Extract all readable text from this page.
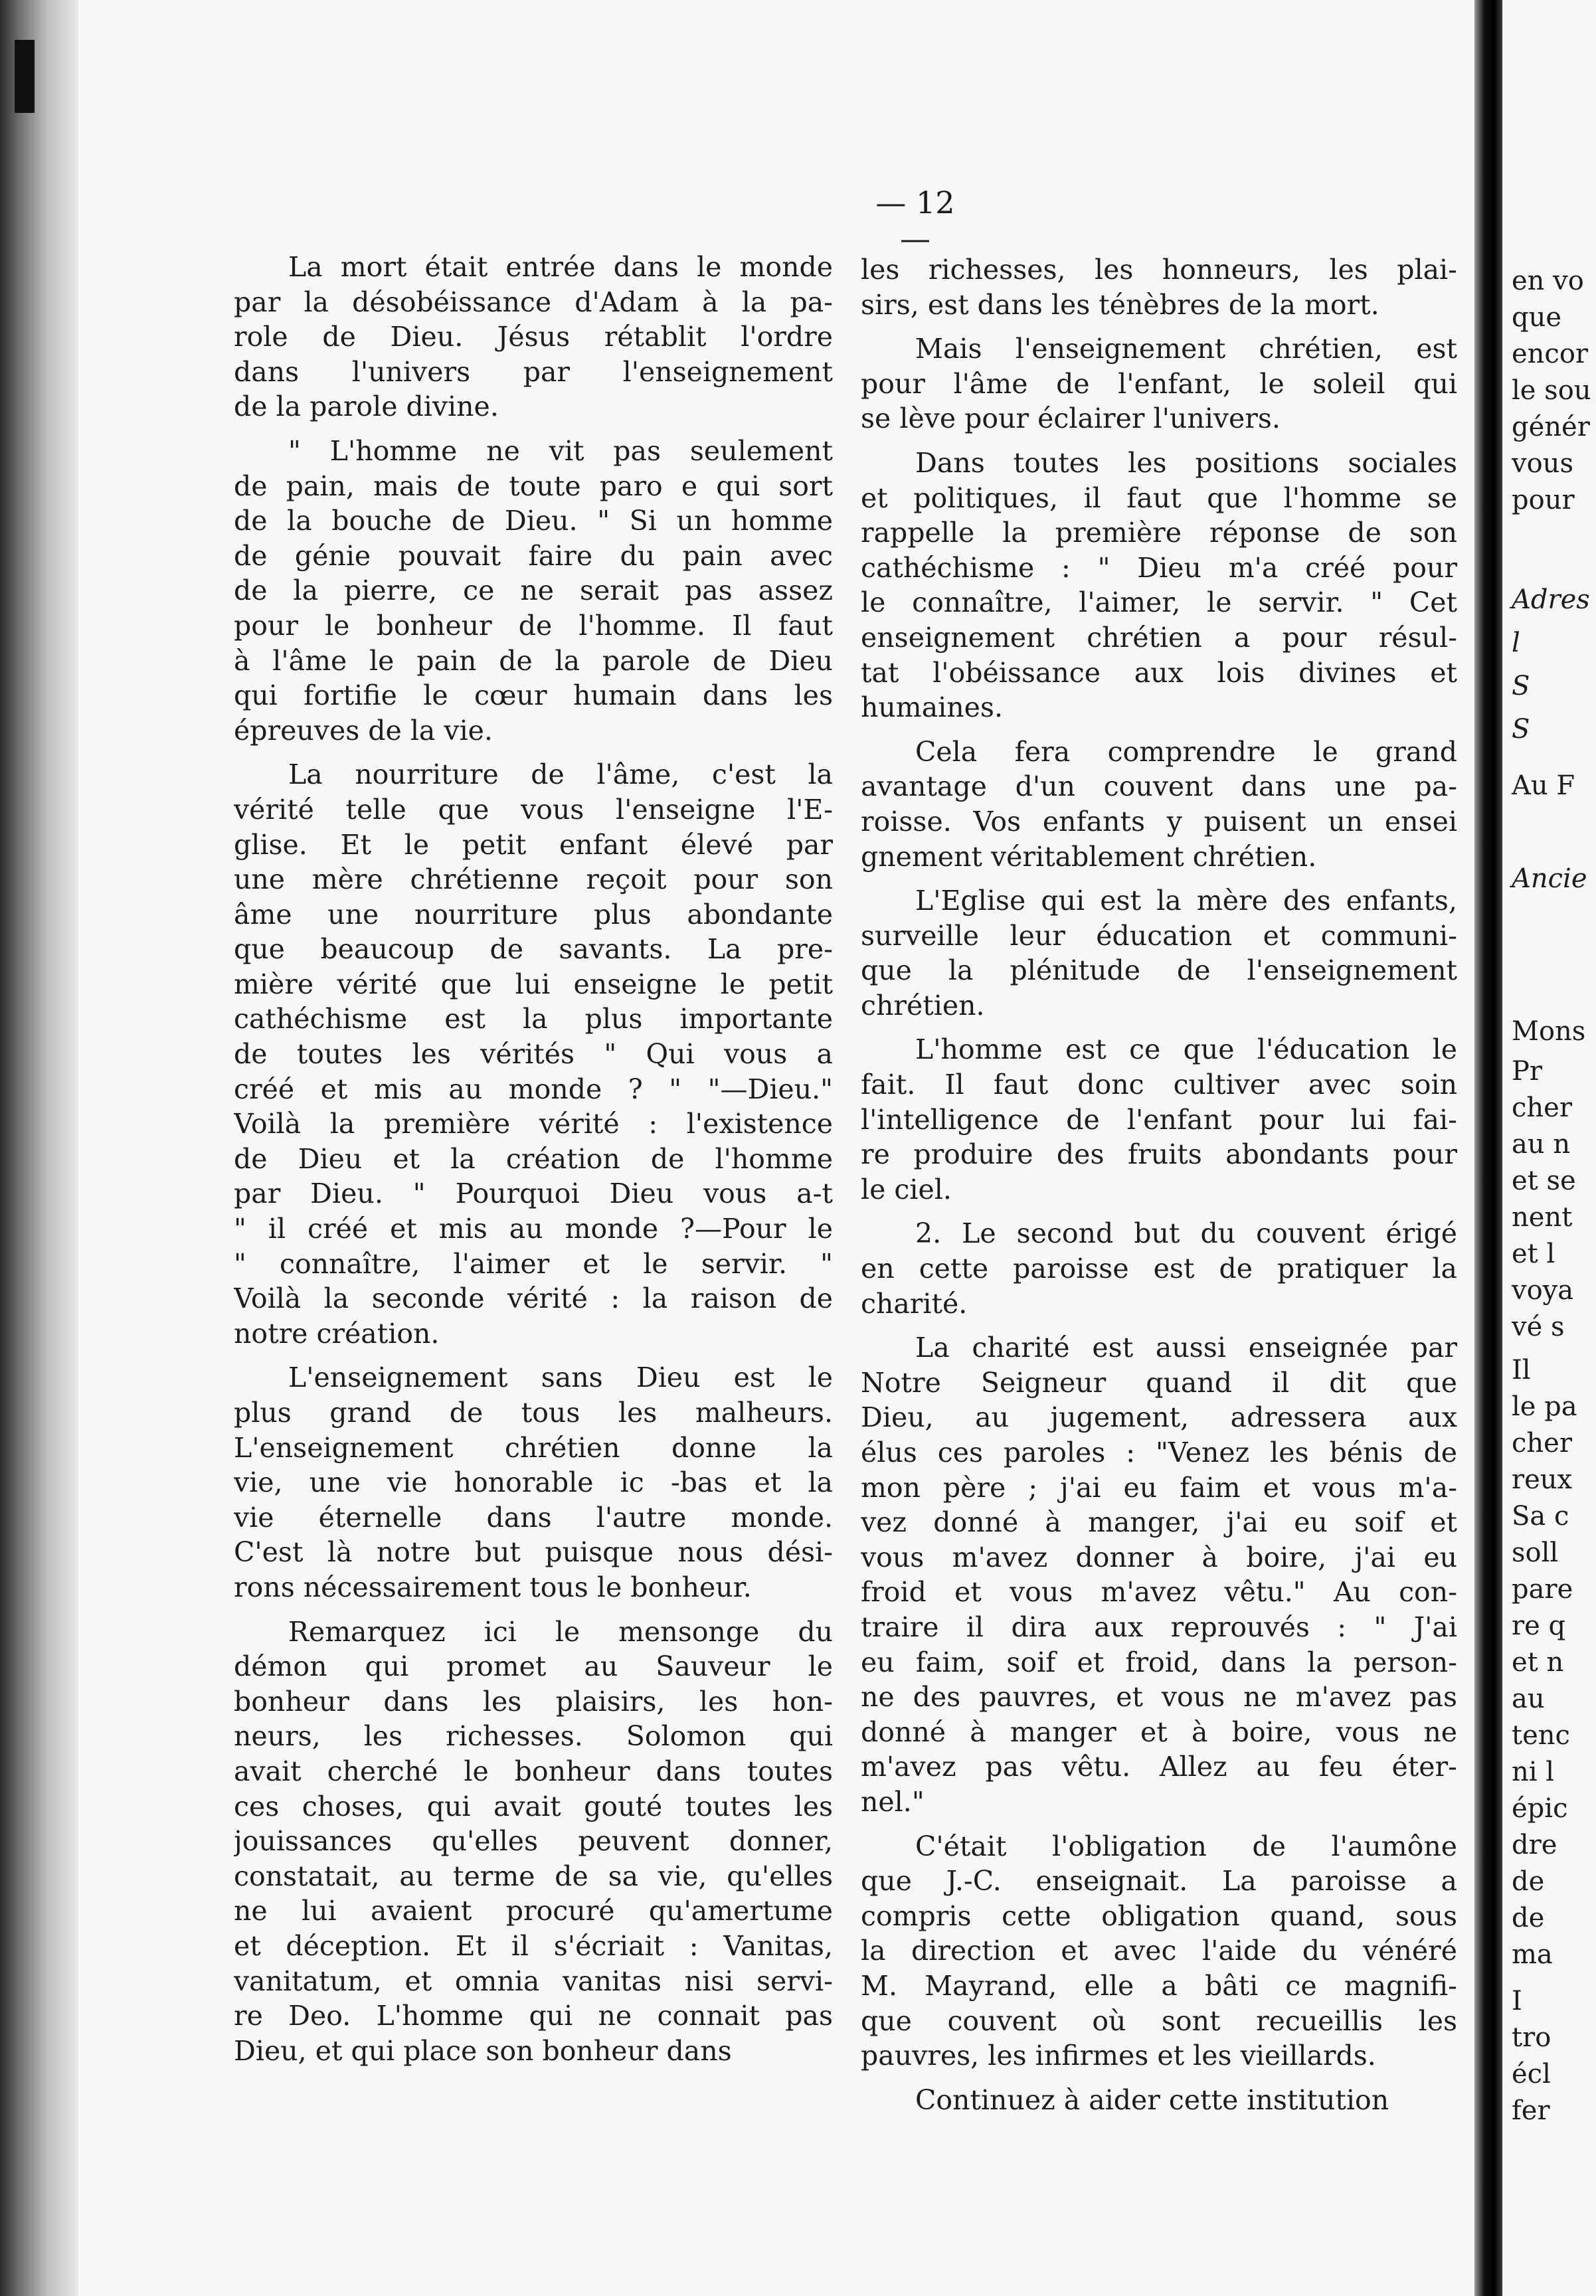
— 12 —

  La mort était entrée dans le monde
par la désobéissance d'Adam à la pa-
role de Dieu. Jésus rétablit l'ordre
dans l'univers par l'enseignement
de la parole divine.

  " L'homme ne vit pas seulement
de pain, mais de toute paro e qui sort
de la bouche de Dieu. " Si un homme
de génie pouvait faire du pain avec
de la pierre, ce ne serait pas assez
pour le bonheur de l'homme. Il faut
à l'âme le pain de la parole de Dieu
qui fortifie le cœur humain dans les
épreuves de la vie.

  La nourriture de l'âme, c'est la
vérité telle que vous l'enseigne l'E-
glise. Et le petit enfant élevé par
une mère chrétienne reçoit pour son
âme une nourriture plus abondante
que beaucoup de savants. La pre-
mière vérité que lui enseigne le petit
cathéchisme est la plus importante
de toutes les vérités " Qui vous a
créé et mis au monde ? " "—Dieu."
Voilà la première vérité : l'existence
de Dieu et la création de l'homme
par Dieu. " Pourquoi Dieu vous a-t
" il créé et mis au monde ?—Pour le
" connaître, l'aimer et le servir. "
Voilà la seconde vérité : la raison de
notre création.

  L'enseignement sans Dieu est le
plus grand de tous les malheurs.
L'enseignement chrétien donne la
vie, une vie honorable ic -bas et la
vie éternelle dans l'autre monde.
C'est là notre but puisque nous dési-
rons nécessairement tous le bonheur.

  Remarquez ici le mensonge du
démon qui promet au Sauveur le
bonheur dans les plaisirs, les hon-
neurs, les richesses. Solomon qui
avait cherché le bonheur dans toutes
ces choses, qui avait gouté toutes les
jouissances qu'elles peuvent donner,
constatait, au terme de sa vie, qu'elles
ne lui avaient procuré qu'amertume
et déception. Et il s'écriait : Vanitas,
vanitatum, et omnia vanitas nisi servi-
re Deo. L'homme qui ne connait pas
Dieu, et qui place son bonheur dans

les richesses, les honneurs, les plai-
sirs, est dans les ténèbres de la mort.

  Mais l'enseignement chrétien, est
pour l'âme de l'enfant, le soleil qui
se lève pour éclairer l'univers.

  Dans toutes les positions sociales
et politiques, il faut que l'homme se
rappelle la première réponse de son
cathéchisme : " Dieu m'a créé pour
le connaître, l'aimer, le servir. " Cet
enseignement chrétien a pour résul-
tat l'obéissance aux lois divines et
humaines.

  Cela fera comprendre le grand
avantage d'un couvent dans une pa-
roisse. Vos enfants y puisent un ensei
gnement véritablement chrétien.

  L'Eglise qui est la mère des enfants,
surveille leur éducation et communi-
que la plénitude de l'enseignement
chrétien.

  L'homme est ce que l'éducation le
fait. Il faut donc cultiver avec soin
l'intelligence de l'enfant pour lui fai-
re produire des fruits abondants pour
le ciel.

  2. Le second but du couvent érigé
en cette paroisse est de pratiquer la
charité.

  La charité est aussi enseignée par
Notre Seigneur quand il dit que
Dieu, au jugement, adressera aux
élus ces paroles : "Venez les bénis de
mon père ; j'ai eu faim et vous m'a-
vez donné à manger, j'ai eu soif et
vous m'avez donner à boire, j'ai eu
froid et vous m'avez vêtu." Au con-
traire il dira aux reprouvés : " J'ai
eu faim, soif et froid, dans la person-
ne des pauvres, et vous ne m'avez pas
donné à manger et à boire, vous ne
m'avez pas vêtu. Allez au feu éter-
nel."

  C'était l'obligation de l'aumône
que J.-C. enseignait. La paroisse a
compris cette obligation quand, sous
la direction et avec l'aide du vénéré
M. Mayrand, elle a bâti ce magnifi-
que couvent où sont recueillis les
pauvres, les infirmes et les vieillards.

  Continuez à aider cette institution

en vo
que
encor
le sou
génér
vous
pour
Adres
l
S
S
Au F
Ancie
Mons
Pr
cher
au n
et se
nent
et l
voya
vé s
Il
le pa
cher
reux
Sa c
soll
pare
re q
et n
au
tenc
ni l
épic
dre
de
de
ma
I
tro
écl
fer
